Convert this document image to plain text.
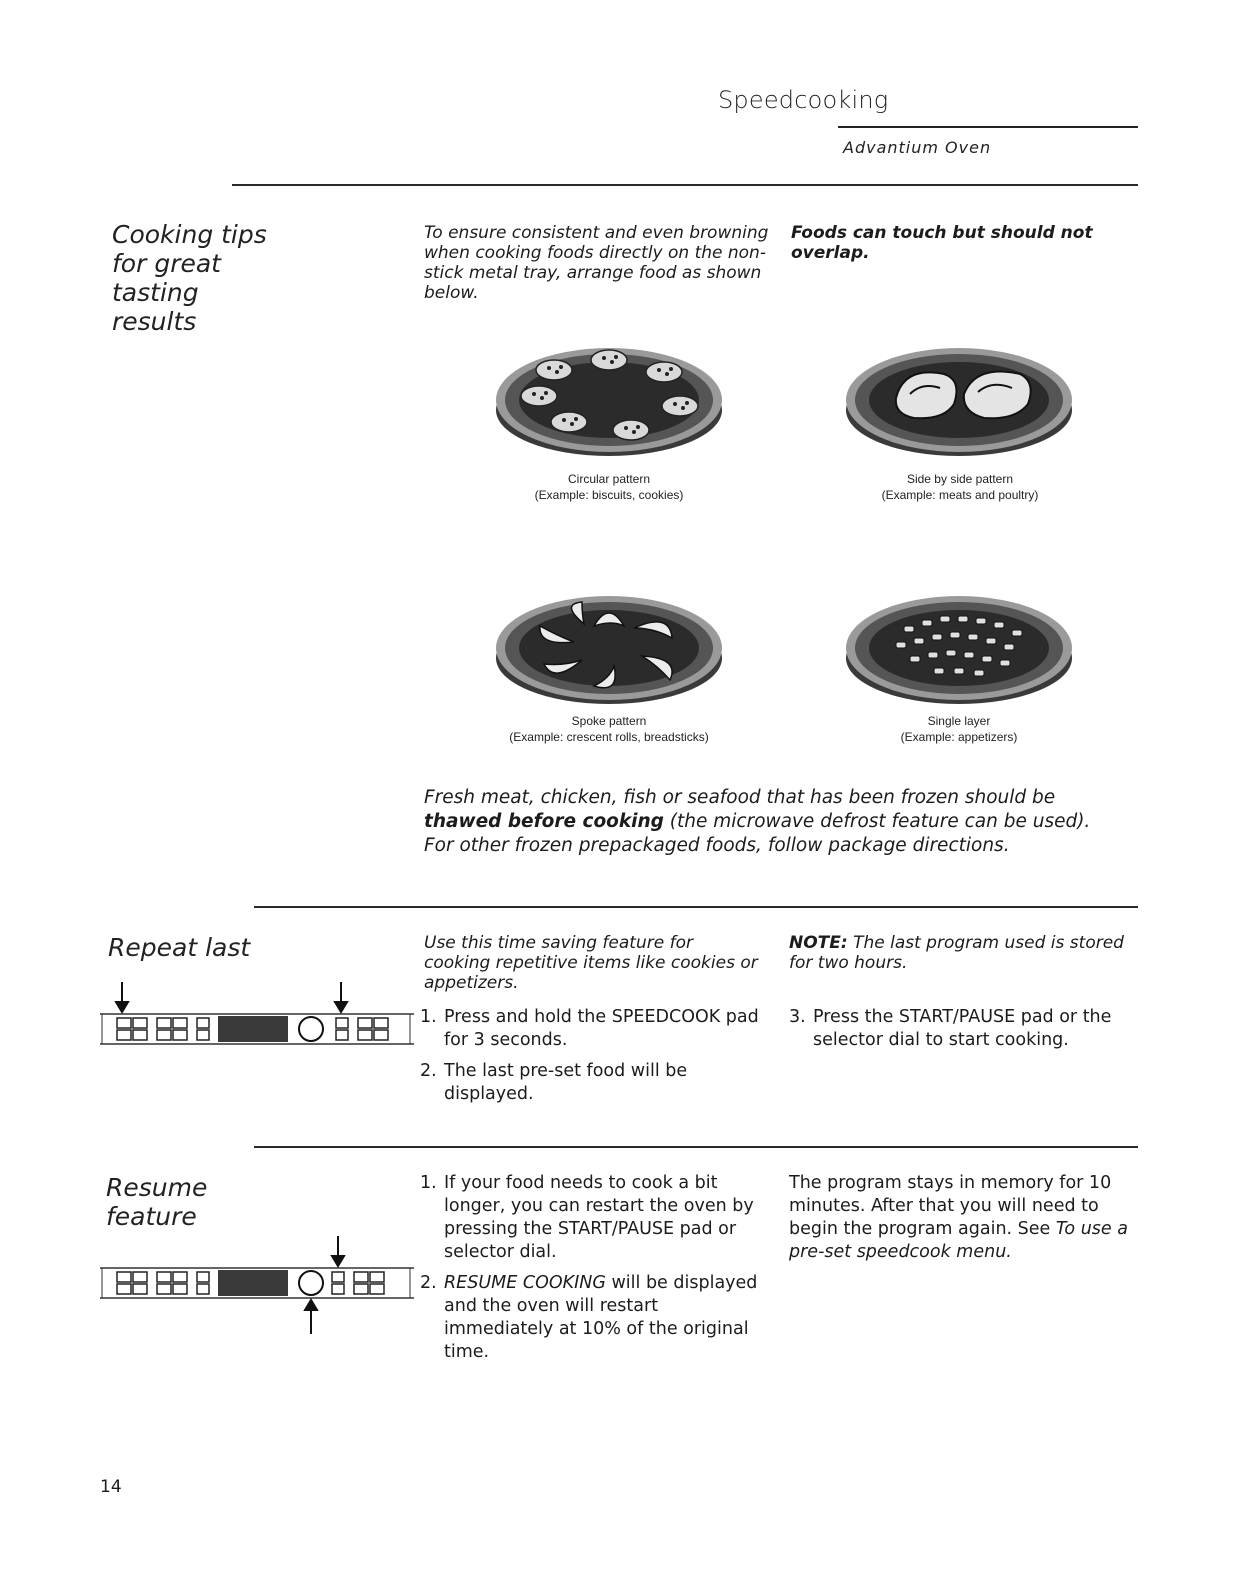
Speedcooking
Advantium Oven
Cooking tips
for great
tasting
results
To ensure consistent and even browning when cooking foods directly on the non-stick metal tray, arrange food as shown below.
Foods can touch but should not overlap.
Circular pattern
(Example: biscuits, cookies)
Side by side pattern
(Example: meats and poultry)
Spoke pattern
(Example: crescent rolls, breadsticks)
Single layer
(Example: appetizers)
Fresh meat, chicken, fish or seafood that has been frozen should be thawed before cooking (the microwave defrost feature can be used). For other frozen prepackaged foods, follow package directions.
Repeat last	Use this time saving feature for cooking repetitive items like cookies or appetizers.
1. Press and hold the SPEEDCOOK pad for 3 seconds.
2. The last pre-set food will be displayed.
NOTE: The last program used is stored for two hours.
3. Press the START/PAUSE pad or the selector dial to start cooking.
Resume
feature
1. If your food needs to cook a bit longer, you can restart the oven by pressing the START/PAUSE pad or selector dial.
2. RESUME COOKING will be displayed and the oven will restart immediately at 10% of the original time.
The program stays in memory for 10 minutes. After that you will need to begin the program again. See To use a pre-set speedcook menu.
14
